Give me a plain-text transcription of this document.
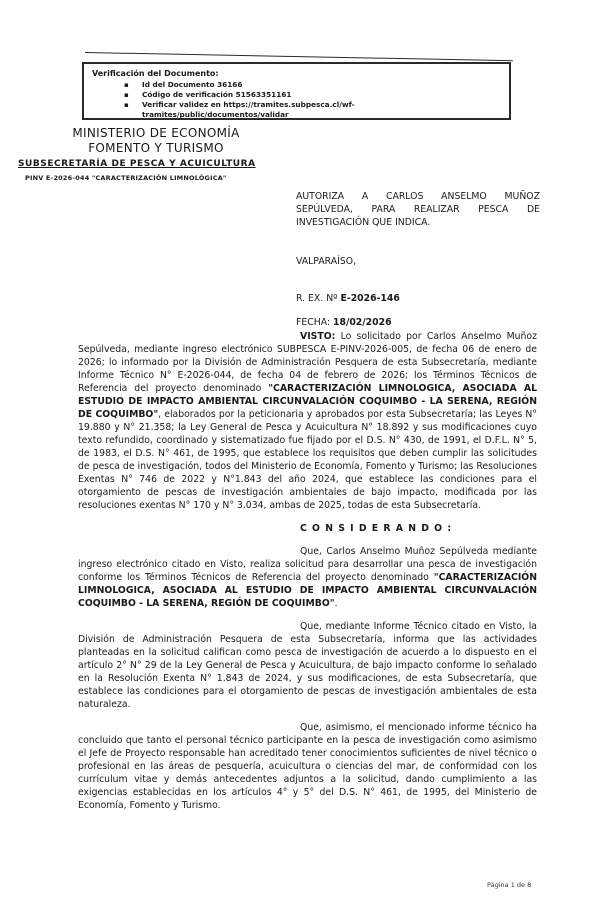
Verificación del Documento:
▪ Id del Documento 36166
▪ Código de verificación 51563351161
▪ Verificar validez en https://tramites.subpesca.cl/wf-tramites/public/documentos/validar
MINISTERIO DE ECONOMÍA
FOMENTO Y TURISMO
SUBSECRETARÍA DE PESCA Y ACUICULTURA
PINV E-2026-044 "CARACTERIZACIÓN LIMNOLÓGICA"

AUTORIZA A CARLOS ANSELMO MUÑOZ SEPÚLVEDA, PARA REALIZAR PESCA DE INVESTIGACIÓN QUE INDICA.

VALPARAÍSO,

R. EX. Nº E-2026-146

FECHA: 18/02/2026

VISTO: Lo solicitado por Carlos Anselmo Muñoz Sepúlveda, mediante ingreso electrónico SUBPESCA E-PINV-2026-005, de fecha 06 de enero de 2026; lo informado por la División de Administración Pesquera de esta Subsecretaría, mediante Informe Técnico N° E-2026-044, de fecha 04 de febrero de 2026; los Términos Técnicos de Referencia del proyecto denominado "CARACTERIZACIÓN LIMNOLOGICA, ASOCIADA AL ESTUDIO DE IMPACTO AMBIENTAL CIRCUNVALACIÓN COQUIMBO - LA SERENA, REGIÓN DE COQUIMBO", elaborados por la peticionaria y aprobados por esta Subsecretaría; las Leyes N° 19.880 y N° 21.358; la Ley General de Pesca y Acuicultura N° 18.892 y sus modificaciones cuyo texto refundido, coordinado y sistematizado fue fijado por el D.S. N° 430, de 1991, el D.F.L. N° 5, de 1983, el D.S. N° 461, de 1995, que establece los requisitos que deben cumplir las solicitudes de pesca de investigación, todos del Ministerio de Economía, Fomento y Turismo; las Resoluciones Exentas N° 746 de 2022 y N°1.843 del año 2024, que establece las condiciones para el otorgamiento de pescas de investigación ambientales de bajo impacto, modificada por las resoluciones exentas N° 170 y N° 3.034, ambas de 2025, todas de esta Subsecretaría.

C O N S I D E R A N D O :

Que, Carlos Anselmo Muñoz Sepúlveda mediante ingreso electrónico citado en Visto, realiza solicitud para desarrollar una pesca de investigación conforme los Términos Técnicos de Referencia del proyecto denominado "CARACTERIZACIÓN LIMNOLOGICA, ASOCIADA AL ESTUDIO DE IMPACTO AMBIENTAL CIRCUNVALACIÓN COQUIMBO - LA SERENA, REGIÓN DE COQUIMBO".

Que, mediante Informe Técnico citado en Visto, la División de Administración Pesquera de esta Subsecretaría, informa que las actividades planteadas en la solicitud califican como pesca de investigación de acuerdo a lo dispuesto en el artículo 2° N° 29 de la Ley General de Pesca y Acuicultura, de bajo impacto conforme lo señalado en la Resolución Exenta N° 1.843 de 2024, y sus modificaciones, de esta Subsecretaría, que establece las condiciones para el otorgamiento de pescas de investigación ambientales de esta naturaleza.

Que, asimismo, el mencionado informe técnico ha concluido que tanto el personal técnico participante en la pesca de investigación como asimismo el Jefe de Proyecto responsable han acreditado tener conocimientos suficientes de nivel técnico o profesional en las áreas de pesquería, acuicultura o ciencias del mar, de conformidad con los currículum vitae y demás antecedentes adjuntos a la solicitud, dando cumplimiento a las exigencias establecidas en los artículos 4° y 5° del D.S. N° 461, de 1995, del Ministerio de Economía, Fomento y Turismo.

Página 1 de 8
